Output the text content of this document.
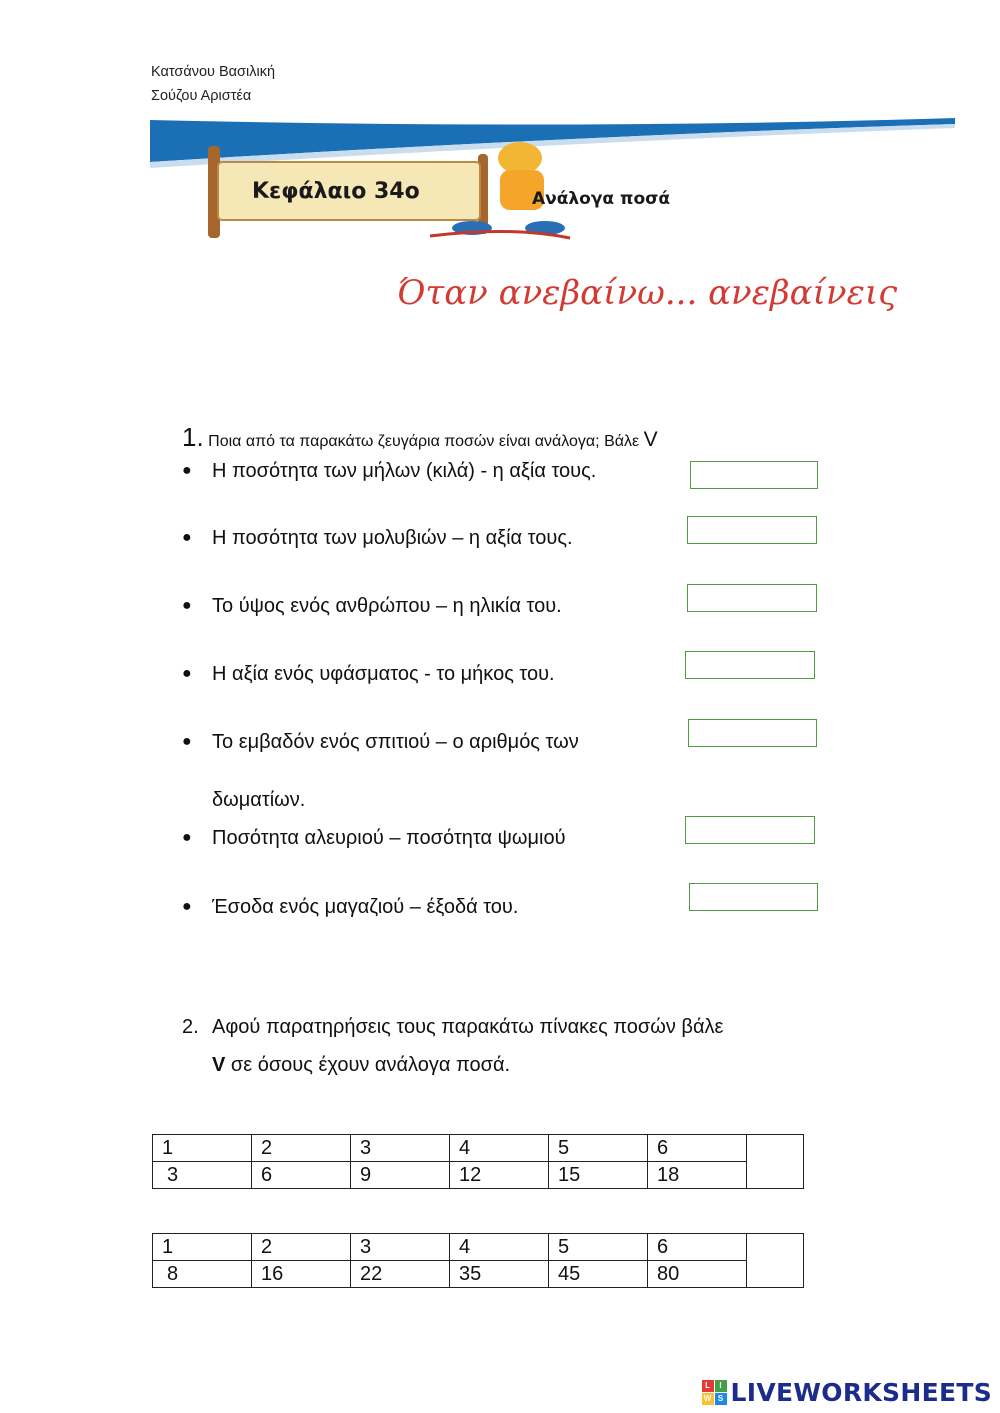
Κατσάνου Βασιλική
Σούζου Αριστέα
Κεφάλαιο 34ο	Ανάλογα ποσά
Όταν ανεβαίνω... ανεβαίνεις
1. Ποια από τα παρακάτω ζευγάρια ποσών είναι ανάλογα; Βάλε V
● Η ποσότητα των μήλων (κιλά) - η αξία τους.
● Η ποσότητα των μολυβιών – η αξία τους.
● Το ύψος ενός ανθρώπου – η ηλικία του.
● Η αξία ενός υφάσματος - το μήκος του.
● Το εμβαδόν ενός σπιτιού – ο αριθμός των
δωματίων.
● Ποσότητα αλευριού – ποσότητα ψωμιού
● Έσοδα ενός μαγαζιού – έξοδά του.
2. Αφού παρατηρήσεις τους παρακάτω πίνακες ποσών βάλε
V σε όσους έχουν ανάλογα ποσά.
1	2	3	4	5	6	
3	6	9	12	15	18	
1	2	3	4	5	6	
8	16	22	35	45	80	
L	I
W S LIVEWORKSHEETS
